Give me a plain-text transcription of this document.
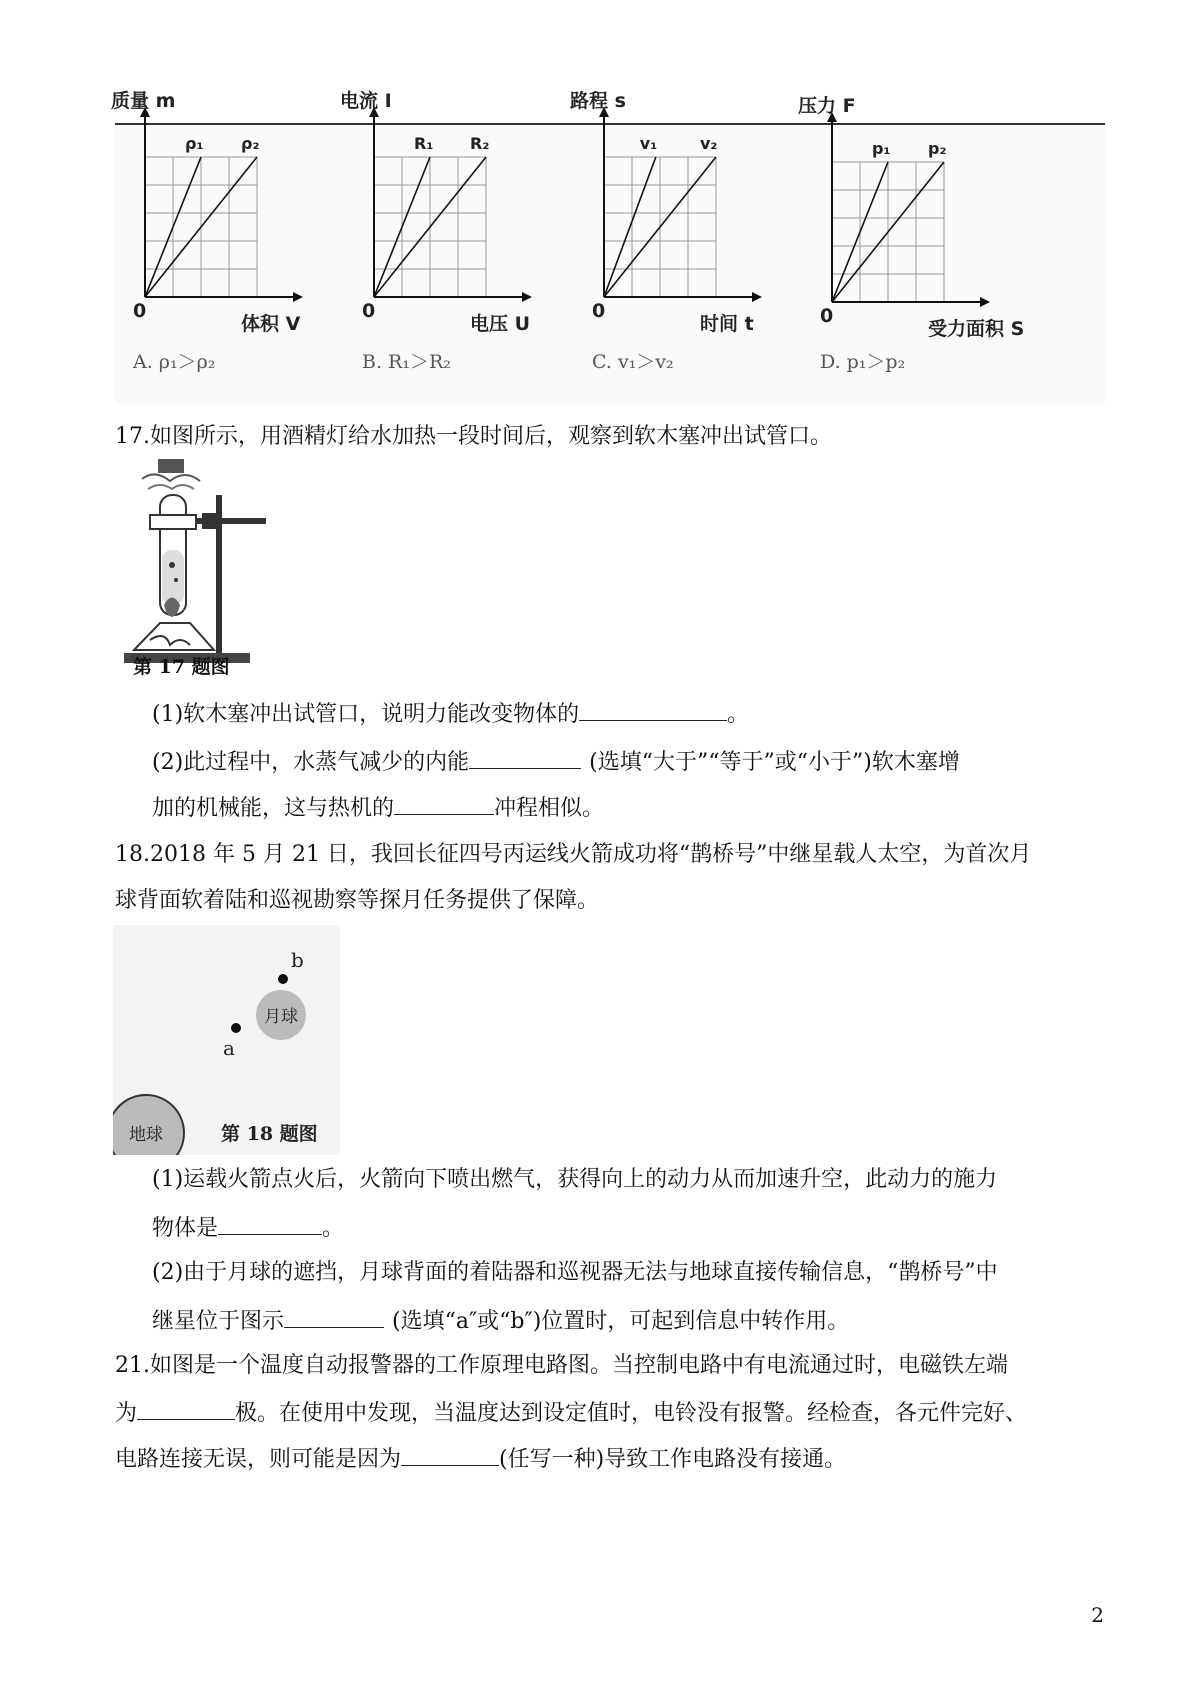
质量 m
体积 V
0
ρ₁ ρ₂
A. ρ₁＞ρ₂
电流 I
电压 U
0
R₁ R₂
B. R₁＞R₂
路程 s
时间 t
0
v₁	v₂
C. v₁＞v₂
压力 F
受力面积 S
0
p₁ p₂
D. p₁＞p₂
17.如图所示，用酒精灯给水加热一段时间后，观察到软木塞冲出试管口。
第 17 题图
(1)软木塞冲出试管口，说明力能改变物体的	。
(2)此过程中，水蒸气减少的内能	(选填“大于”“等于”或“小于”)软木塞增
加的机械能，这与热机的	冲程相似。
18.2018 年 5 月 21 日，我回长征四号丙运线火箭成功将“鹊桥号”中继星载人太空，为首次月
球背面软着陆和巡视勘察等探月任务提供了保障。
月球
b
a
地球	第 18 题图
(1)运载火箭点火后，火箭向下喷出燃气，获得向上的动力从而加速升空，此动力的施力
物体是	。
(2)由于月球的遮挡，月球背面的着陆器和巡视器无法与地球直接传输信息，“鹊桥号”中
继星位于图示	(选填“a″或“b″)位置时，可起到信息中转作用。
21.如图是一个温度自动报警器的工作原理电路图。当控制电路中有电流通过时，电磁铁左端
为	极。在使用中发现，当温度达到设定值时，电铃没有报警。经检查，各元件完好、
电路连接无误，则可能是因为	(任写一种)导致工作电路没有接通。
2
